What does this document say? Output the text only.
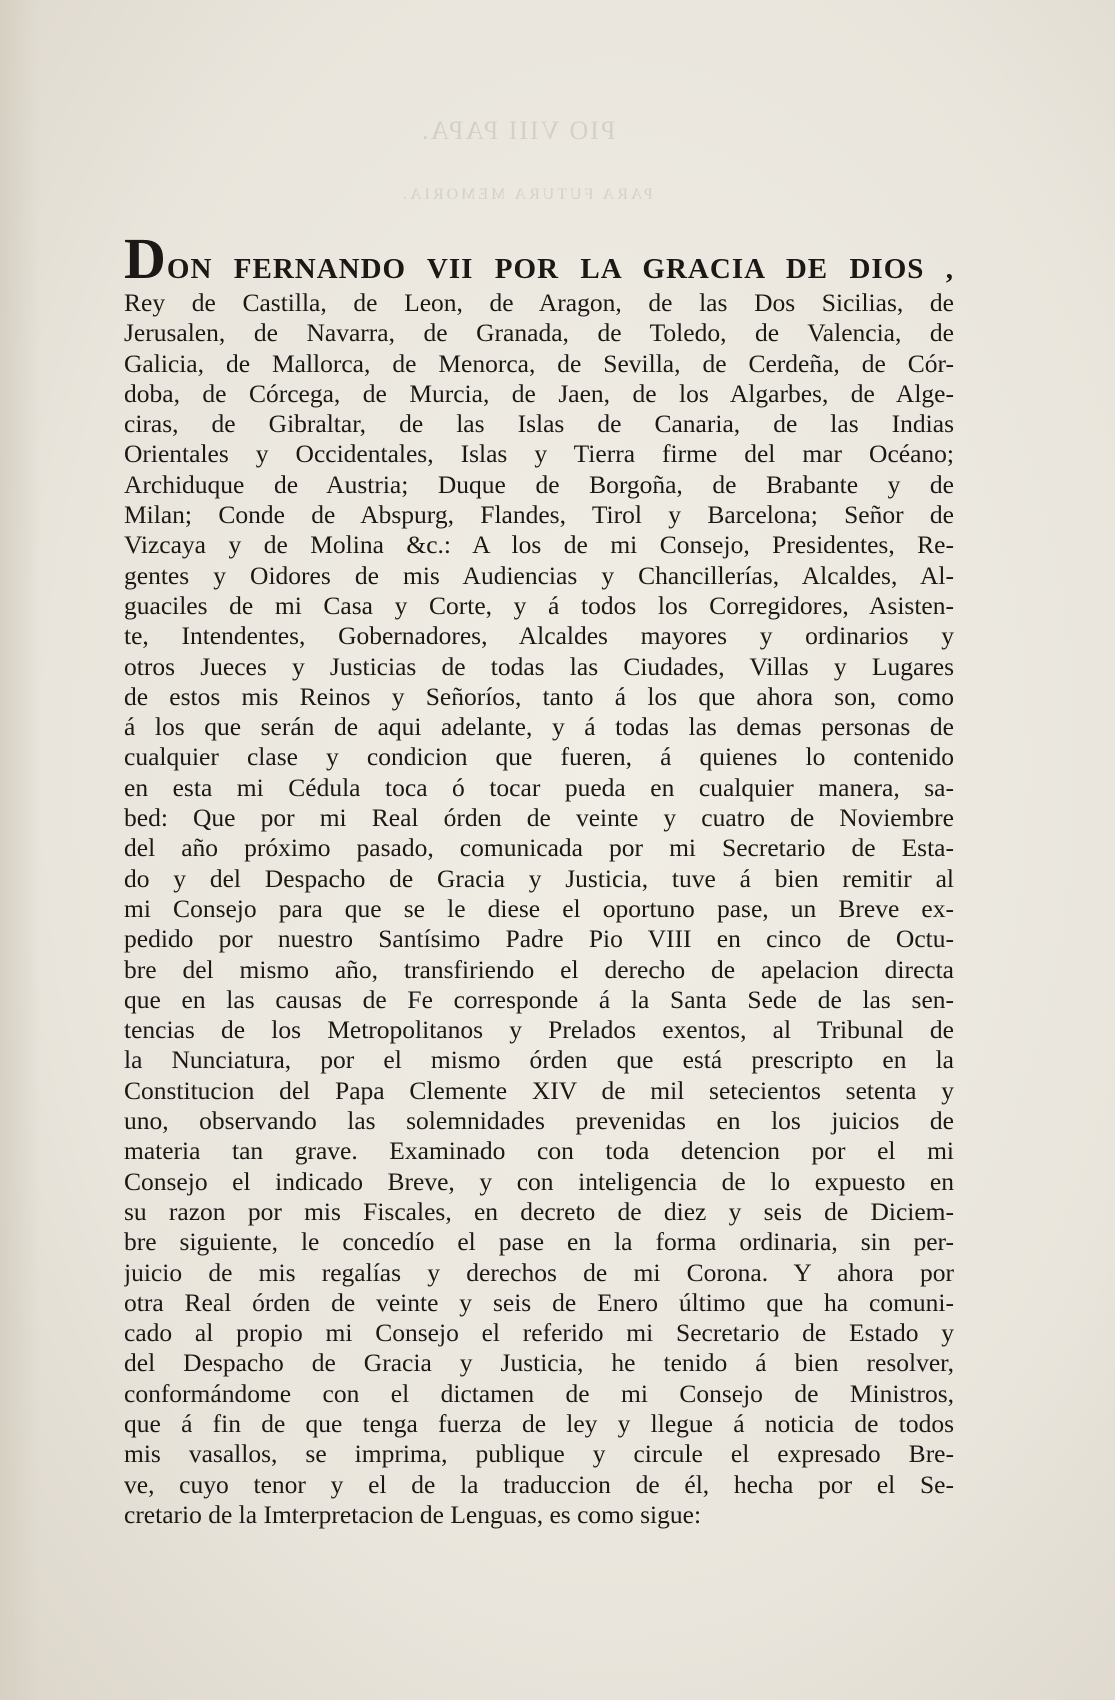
PIO VIII PAPA.
PARA FUTURA MEMORIA.
DON FERNANDO VII POR LA GRACIA DE DIOS ,
Rey de Castilla, de Leon, de Aragon, de las Dos Sicilias, de
Jerusalen, de Navarra, de Granada, de Toledo, de Valencia, de
Galicia, de Mallorca, de Menorca, de Sevilla, de Cerdeña, de Cór-
doba, de Córcega, de Murcia, de Jaen, de los Algarbes, de Alge-
ciras, de Gibraltar, de las Islas de Canaria, de las Indias
Orientales y Occidentales, Islas y Tierra firme del mar Océano;
Archiduque de Austria; Duque de Borgoña, de Brabante y de
Milan; Conde de Abspurg, Flandes, Tirol y Barcelona; Señor de
Vizcaya y de Molina &c.: A los de mi Consejo, Presidentes, Re-
gentes y Oidores de mis Audiencias y Chancillerías, Alcaldes, Al-
guaciles de mi Casa y Corte, y á todos los Corregidores, Asisten-
te, Intendentes, Gobernadores, Alcaldes mayores y ordinarios y
otros Jueces y Justicias de todas las Ciudades, Villas y Lugares
de estos mis Reinos y Señoríos, tanto á los que ahora son, como
á los que serán de aqui adelante, y á todas las demas personas de
cualquier clase y condicion que fueren, á quienes lo contenido
en esta mi Cédula toca ó tocar pueda en cualquier manera, sa-
bed: Que por mi Real órden de veinte y cuatro de Noviembre
del año próximo pasado, comunicada por mi Secretario de Esta-
do y del Despacho de Gracia y Justicia, tuve á bien remitir al
mi Consejo para que se le diese el oportuno pase, un Breve ex-
pedido por nuestro Santísimo Padre Pio VIII en cinco de Octu-
bre del mismo año, transfiriendo el derecho de apelacion directa
que en las causas de Fe corresponde á la Santa Sede de las sen-
tencias de los Metropolitanos y Prelados exentos, al Tribunal de
la Nunciatura, por el mismo órden que está prescripto en la
Constitucion del Papa Clemente XIV de mil setecientos setenta y
uno, observando las solemnidades prevenidas en los juicios de
materia tan grave. Examinado con toda detencion por el mi
Consejo el indicado Breve, y con inteligencia de lo expuesto en
su razon por mis Fiscales, en decreto de diez y seis de Diciem-
bre siguiente, le concedío el pase en la forma ordinaria, sin per-
juicio de mis regalías y derechos de mi Corona. Y ahora por
otra Real órden de veinte y seis de Enero último que ha comuni-
cado al propio mi Consejo el referido mi Secretario de Estado y
del Despacho de Gracia y Justicia, he tenido á bien resolver,
conformándome con el dictamen de mi Consejo de Ministros,
que á fin de que tenga fuerza de ley y llegue á noticia de todos
mis vasallos, se imprima, publique y circule el expresado Bre-
ve, cuyo tenor y el de la traduccion de él, hecha por el Se-
cretario de la Imterpretacion de Lenguas, es como sigue:
